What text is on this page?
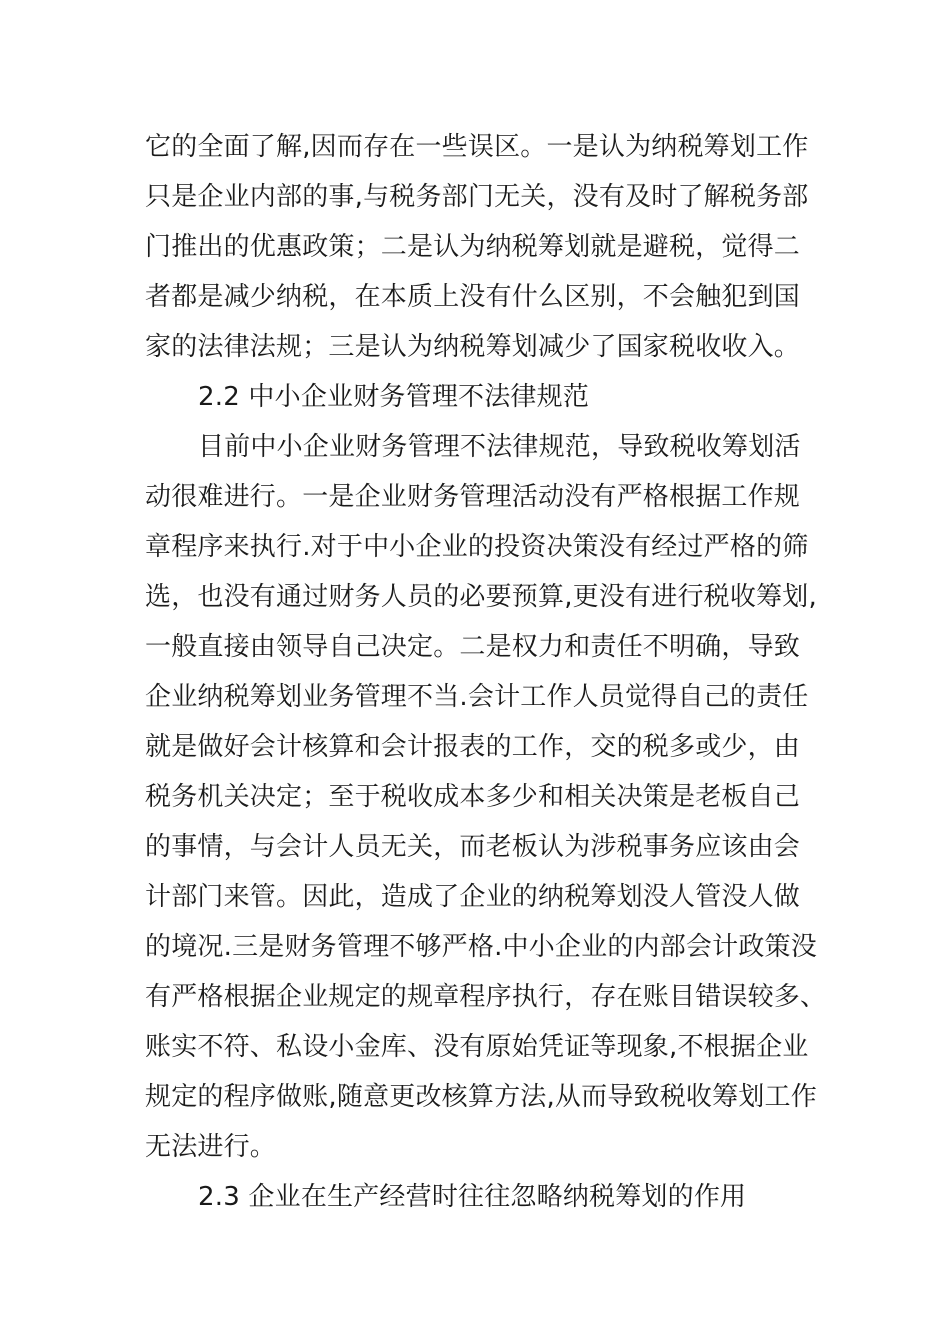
它的全面了解,因而存在一些误区。一是认为纳税筹划工作
只是企业内部的事,与税务部门无关，没有及时了解税务部
门推出的优惠政策；二是认为纳税筹划就是避税，觉得二
者都是减少纳税，在本质上没有什么区别，不会触犯到国
家的法律法规；三是认为纳税筹划减少了国家税收收入。
2.2 中小企业财务管理不法律规范
目前中小企业财务管理不法律规范，导致税收筹划活
动很难进行。一是企业财务管理活动没有严格根据工作规
章程序来执行.对于中小企业的投资决策没有经过严格的筛
选，也没有通过财务人员的必要预算,更没有进行税收筹划,
一般直接由领导自己决定。二是权力和责任不明确，导致
企业纳税筹划业务管理不当.会计工作人员觉得自己的责任
就是做好会计核算和会计报表的工作，交的税多或少，由
税务机关决定；至于税收成本多少和相关决策是老板自己
的事情，与会计人员无关，而老板认为涉税事务应该由会
计部门来管。因此，造成了企业的纳税筹划没人管没人做
的境况.三是财务管理不够严格.中小企业的内部会计政策没
有严格根据企业规定的规章程序执行，存在账目错误较多、
账实不符、私设小金库、没有原始凭证等现象,不根据企业
规定的程序做账,随意更改核算方法,从而导致税收筹划工作
无法进行。
2.3 企业在生产经营时往往忽略纳税筹划的作用
